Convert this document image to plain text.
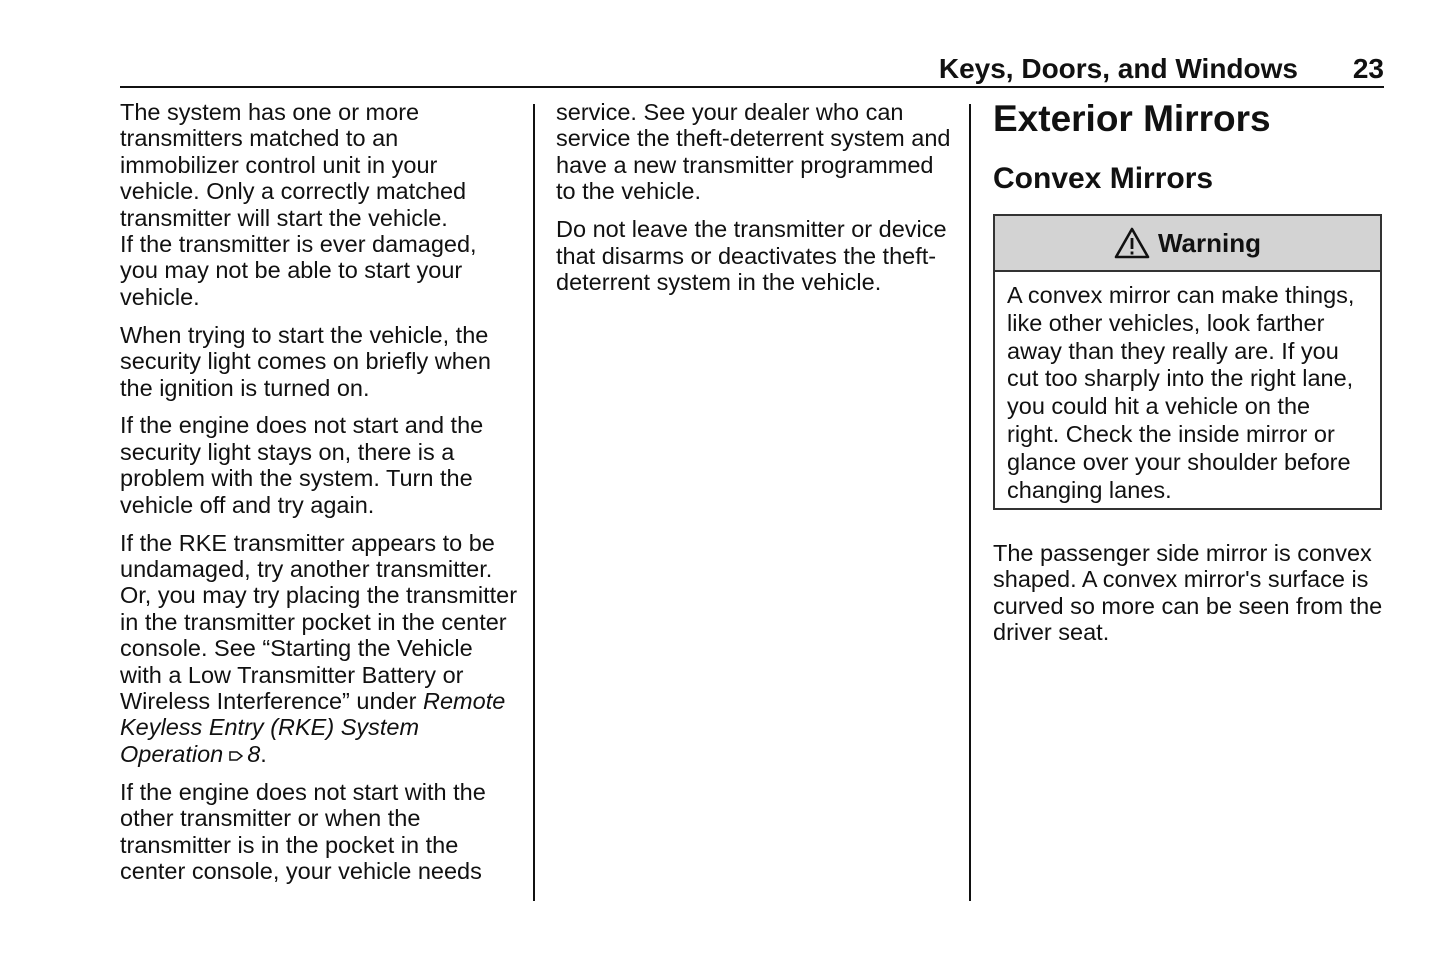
Keys, Doors, and Windows	23

The system has one or more transmitters matched to an immobilizer control unit in your vehicle. Only a correctly matched transmitter will start the vehicle.

If the transmitter is ever damaged, you may not be able to start your vehicle.

When trying to start the vehicle, the security light comes on briefly when the ignition is turned on.

If the engine does not start and the security light stays on, there is a problem with the system. Turn the vehicle off and try again.

If the RKE transmitter appears to be undamaged, try another transmitter. Or, you may try placing the transmitter in the transmitter pocket in the center console. See “Starting the Vehicle with a Low Transmitter Battery or Wireless Interference” under Remote Keyless Entry (RKE) System Operation 8.

If the engine does not start with the other transmitter or when the transmitter is in the pocket in the center console, your vehicle needs

service. See your dealer who can service the theft-deterrent system and have a new transmitter programmed to the vehicle.

Do not leave the transmitter or device that disarms or deactivates the theft-deterrent system in the vehicle.

Exterior Mirrors
Convex Mirrors
Warning
A convex mirror can make things, like other vehicles, look farther away than they really are. If you cut too sharply into the right lane, you could hit a vehicle on the right. Check the inside mirror or glance over your shoulder before changing lanes.
The passenger side mirror is convex shaped. A convex mirror's surface is curved so more can be seen from the driver seat.
